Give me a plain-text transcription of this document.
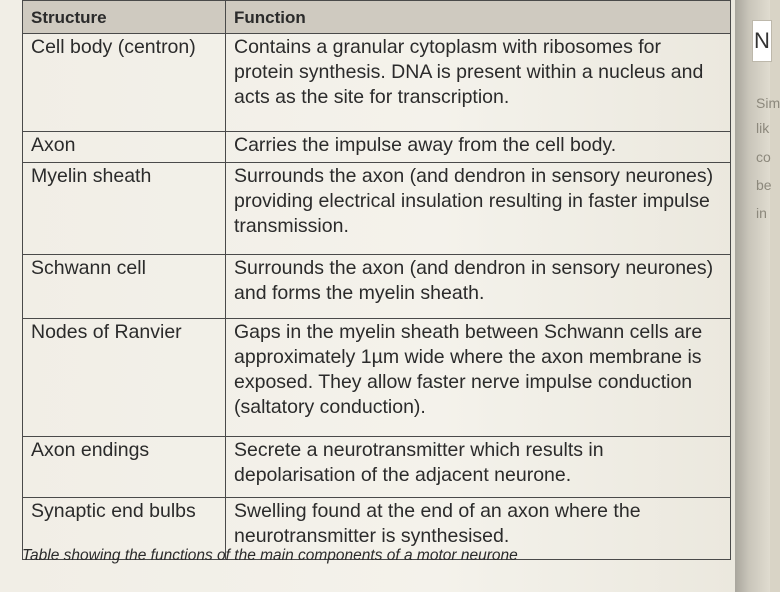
N
Sim
lik
co
be
in
Structure	Function
Cell body (centron)	Contains a granular cytoplasm with ribosomes for protein synthesis. DNA is present within a nucleus and acts as the site for transcription.
Axon	Carries the impulse away from the cell body.
Myelin sheath	Surrounds the axon (and dendron in sensory neurones) providing electrical insulation resulting in faster impulse transmission.
Schwann cell	Surrounds the axon (and dendron in sensory neurones) and forms the myelin sheath.
Nodes of Ranvier	Gaps in the myelin sheath between Schwann cells are approximately 1µm wide where the axon membrane is exposed. They allow faster nerve impulse conduction (saltatory conduction).
Axon endings	Secrete a neurotransmitter which results in depolarisation of the adjacent neurone.
Synaptic end bulbs	Swelling found at the end of an axon where the neurotransmitter is synthesised.
Table showing the functions of the main components of a motor neurone
